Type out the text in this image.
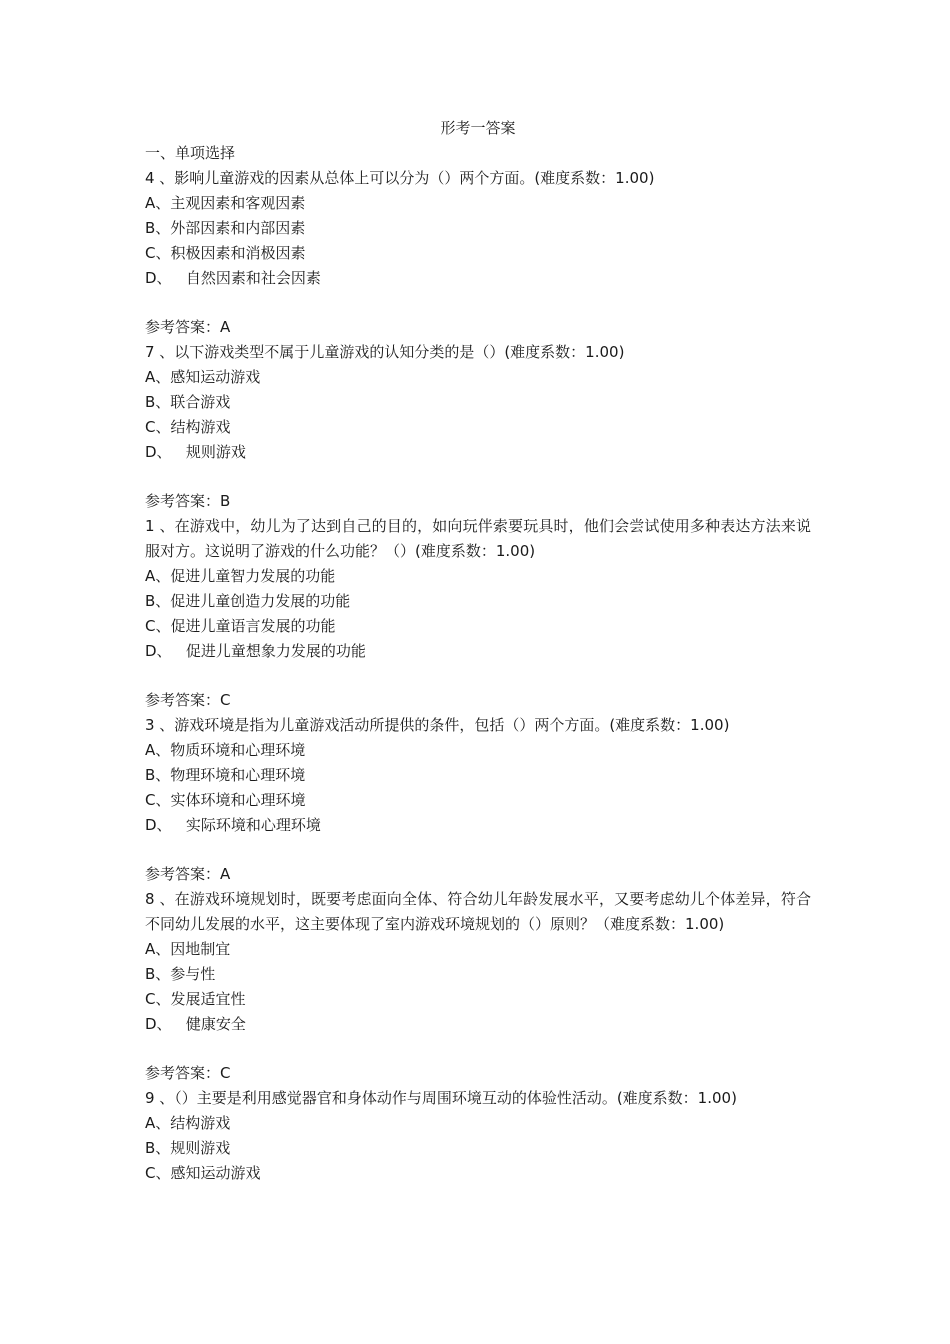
形考一答案
一、单项选择
4 、影响儿童游戏的因素从总体上可以分为（）两个方面。(难度系数：1.00)
A、主观因素和客观因素
B、外部因素和内部因素
C、积极因素和消极因素
D、   自然因素和社会因素
参考答案：A
7 、以下游戏类型不属于儿童游戏的认知分类的是（）(难度系数：1.00)
A、感知运动游戏
B、联合游戏
C、结构游戏
D、   规则游戏
参考答案：B
1 、在游戏中，幼儿为了达到自己的目的，如向玩伴索要玩具时，他们会尝试使用多种表达方法来说服对方。这说明了游戏的什么功能？（）(难度系数：1.00)
A、促进儿童智力发展的功能
B、促进儿童创造力发展的功能
C、促进儿童语言发展的功能
D、   促进儿童想象力发展的功能
参考答案：C
3 、游戏环境是指为儿童游戏活动所提供的条件，包括（）两个方面。(难度系数：1.00)
A、物质环境和心理环境
B、物理环境和心理环境
C、实体环境和心理环境
D、   实际环境和心理环境
参考答案：A
8 、在游戏环境规划时，既要考虑面向全体、符合幼儿年龄发展水平，又要考虑幼儿个体差异，符合不同幼儿发展的水平，这主要体现了室内游戏环境规划的（）原则？（难度系数：1.00)
A、因地制宜
B、参与性
C、发展适宜性
D、   健康安全
参考答案：C
9 、（）主要是利用感觉器官和身体动作与周围环境互动的体验性活动。(难度系数：1.00)
A、结构游戏
B、规则游戏
C、感知运动游戏
